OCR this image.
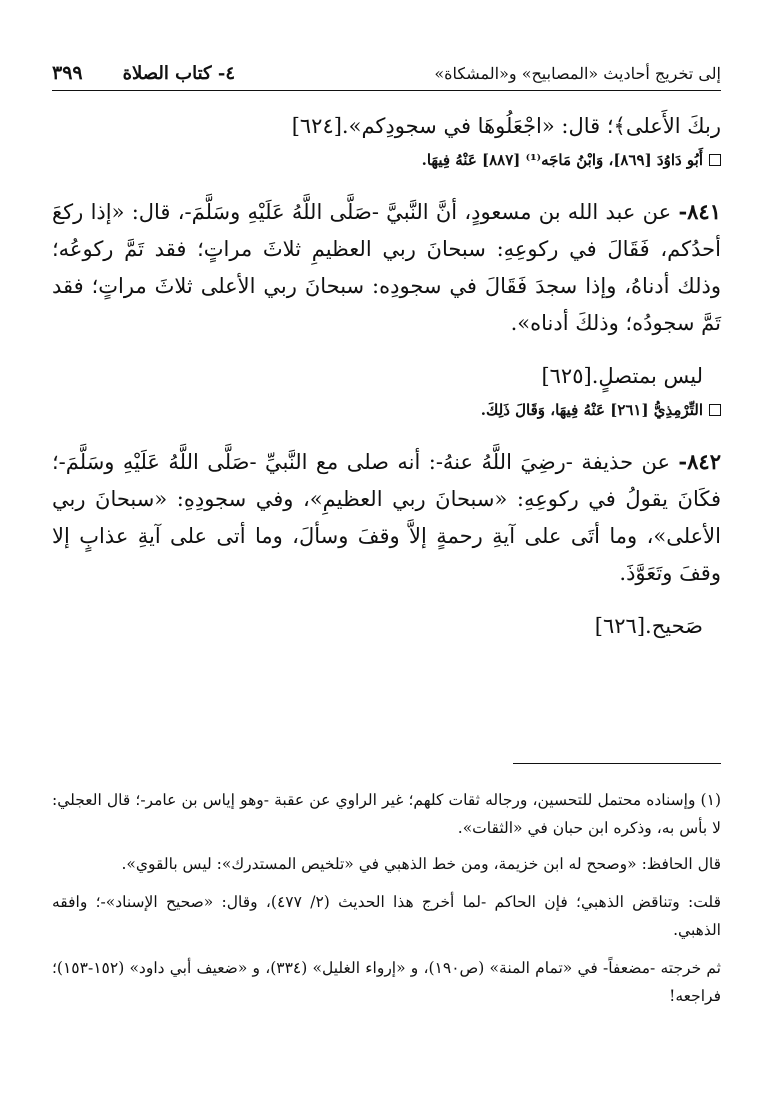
إلى تخريج أحاديث «المصابيح» و«المشكاة»
٤- كتاب الصلاة
٣٩٩

ربكَ الأَعلى﴾؛ قال: «اجْعَلُوهَا في سجودِكم».[٦٢٤]

أَبُو دَاوُدَ [٨٦٩]، وَابْنُ مَاجَه⁽¹⁾ [٨٨٧] عَنْهُ فِيهَا.

٨٤١- عن عبد الله بن مسعودٍ، أنَّ النَّبيَّ -صَلَّى اللَّهُ عَلَيْهِ وسَلَّمَ-، قال: «إذا ركعَ أحدُكم، فَقَالَ في ركوعِهِ: سبحانَ ربي العظيمِ ثلاثَ مراتٍ؛ فقد تَمَّ ركوعُه؛ وذلك أدناهُ، وإذا سجدَ فَقَالَ في سجودِه: سبحانَ ربي الأعلى ثلاثَ مراتٍ؛ فقد تَمَّ سجودُه؛ وذلكَ أدناه».

ليس بمتصلٍ.[٦٢٥]

التِّرْمِذِيُّ [٢٦١] عَنْهُ فِيهَا، وَقَالَ ذَلِكَ.

٨٤٢- عن حذيفة -رضِيَ اللَّهُ عنهُ-: أنه صلى مع النَّبيِّ -صَلَّى اللَّهُ عَلَيْهِ وسَلَّمَ-؛ فكَانَ يقولُ في ركوعِهِ: «سبحانَ ربي العظيمِ»، وفي سجودِهِ: «سبحانَ ربي الأعلى»، وما أتَى على آيةِ رحمةٍ إلاَّ وقفَ وسألَ، وما أتى على آيةِ عذابٍ إلا وقفَ وتَعَوَّذَ.

صَحيح.[٦٢٦]

(١) وإسناده محتمل للتحسين، ورجاله ثقات كلهم؛ غير الراوي عن عقبة -وهو إياس بن عامر-؛ قال العجلي: لا بأس به، وذكره ابن حبان في «الثقات».

قال الحافظ: «وصحح له ابن خزيمة، ومن خط الذهبي في «تلخيص المستدرك»: ليس بالقوي».

قلت: وتناقض الذهبي؛ فإن الحاكم -لما أخرج هذا الحديث (٢/ ٤٧٧)، وقال: «صحيح الإسناد»-؛ وافقه الذهبي.

ثم خرجته -مضعفاً- في «تمام المنة» (ص١٩٠)، و «إرواء الغليل» (٣٣٤)، و «ضعيف أبي داود» (١٥٢-١٥٣)؛ فراجعه!
